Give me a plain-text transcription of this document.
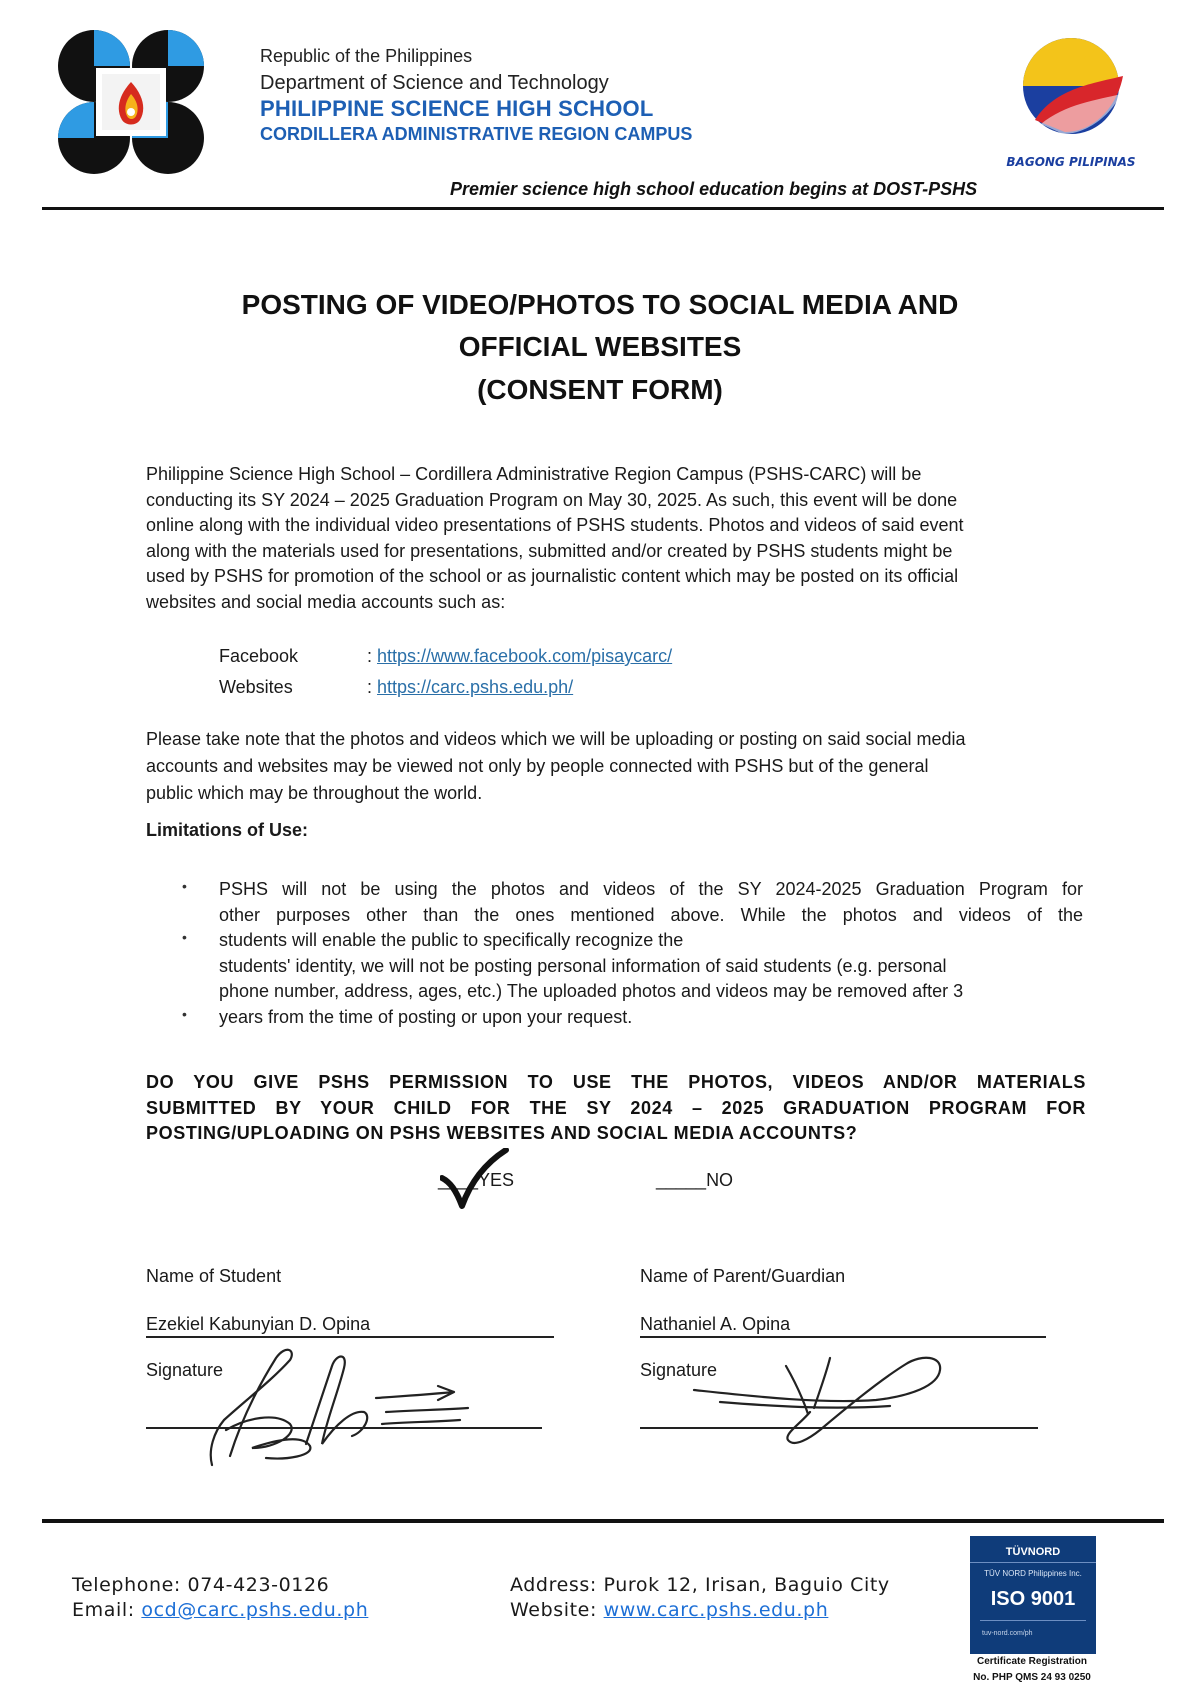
Republic of the Philippines
Department of Science and Technology
PHILIPPINE SCIENCE HIGH SCHOOL
CORDILLERA ADMINISTRATIVE REGION CAMPUS
BAGONG PILIPINAS
Premier science high school education begins at DOST-PSHS
POSTING OF VIDEO/PHOTOS TO SOCIAL MEDIA AND
OFFICIAL WEBSITES
(CONSENT FORM)
Philippine Science High School – Cordillera Administrative Region Campus (PSHS-CARC) will be
conducting its SY 2024 – 2025 Graduation Program on May 30, 2025. As such, this event will be done
online along with the individual video presentations of PSHS students. Photos and videos of said event
along with the materials used for presentations, submitted and/or created by PSHS students might be
used by PSHS for promotion of the school or as journalistic content which may be posted on its official
websites and social media accounts such as:
Facebook	: https://www.facebook.com/pisaycarc/
Websites	: https://carc.pshs.edu.ph/
Please take note that the photos and videos which we will be uploading or posting on said social media
accounts and websites may be viewed not only by people connected with PSHS but of the general
public which may be throughout the world.
Limitations of Use:
•
•
•
PSHS will not be using the photos and videos of the SY 2024-2025 Graduation Program for
other purposes other than the ones mentioned above. While the photos and videos of the
students will enable the public to specifically recognize the
students' identity, we will not be posting personal information of said students (e.g. personal
phone number, address, ages, etc.) The uploaded photos and videos may be removed after 3
years from the time of posting or upon your request.
DO YOU GIVE PSHS PERMISSION TO USE THE PHOTOS, VIDEOS AND/OR MATERIALS
SUBMITTED BY YOUR CHILD FOR THE SY 2024 – 2025 GRADUATION PROGRAM FOR
POSTING/UPLOADING ON PSHS WEBSITES AND SOCIAL MEDIA ACCOUNTS?
____YES	_____NO
Name of Student	Name of Parent/Guardian
Ezekiel Kabunyian D. Opina	Nathaniel A. Opina
Signature	Signature
Telephone: 074-423-0126
Email: ocd@carc.pshs.edu.ph
Address: Purok 12, Irisan, Baguio City
Website: www.carc.pshs.edu.ph
TÜVNORD
TÜV NORD Philippines Inc.
ISO 9001
tuv-nord.com/ph
Certificate Registration
No. PHP QMS 24 93 0250
